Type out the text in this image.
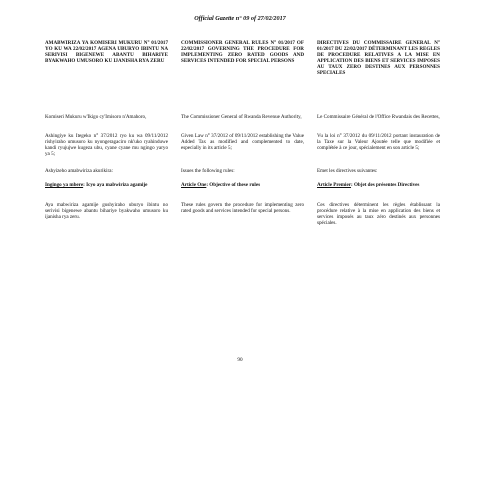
Official Gazette n° 09 of 27/02/2017
AMABWIRIZA YA KOMISERI MUKURU N° 01/2017 YO KU WA 22/02/2017 AGENA UBURYO IBINTU NA SERIVISI BIGENEWE ABANTU BIHARIYE BYAKWAHO UMUSORO KU IJANISHA RYA ZERU

Komiseri Mukuru w'Ikigo cy'Imisoro n'Amahoro,

Ashingiye ku Itegeko n° 37/2012 ryo ku wa 09/11/2012 rishyiraho umusoro ku nyongeragaciro nk'uko ryahinduwe kandi ryujujwe kugeza ubu, cyane cyane mu ngingo yaryo ya 5;

Ashyizeho amabwiriza akurikira:

Ingingo ya mbere: Icyo aya mabwiriza agamije

Aya mabwiriza agamije gushyiraho uburyo ibintu no serivisi bigenewe abantu bihariye byakwaho umusoro ku ijanisha rya zeru.

COMMISSIONER GENERAL RULES N° 01/2017 OF 22/02/2017 GOVERNING THE PROCEDURE FOR IMPLEMENTING ZERO RATED GOODS AND SERVICES INTENDED FOR SPECIAL PERSONS

The Commissioner General of Rwanda Revenue Authority,

Given Law n° 37/2012 of 09/11/2012 establishing the Value Added Tax as modified and complemented to date, especially in its article 5;

Issues the following rules:

Article One: Objective of these rules

These rules govern the procedure for implementing zero rated goods and services intended for special persons.

DIRECTIVES DU COMMISSAIRE GENERAL N° 01/2017 DU 22/02/2017 DÉTERMINANT LES REGLES DE PROCEDURE RELATIVES A LA MISE EN APPLICATION DES BIENS ET SERVICES IMPOSES AU TAUX ZERO DESTINES AUX PERSONNES SPECIALES

Le Commissaire Général de l'Office Rwandais des Recettes,

Vu la loi n° 37/2012 du 09/11/2012 portant instauration de la Taxe sur la Valeur Ajoutée telle que modifiée et complétée à ce jour, spécialement en son article 5;

Emet les directives suivantes:

Article Premier: Objet des présentes Directives

Ces directives déterminent les règles établissant la procédure relative à la mise en application des biens et services imposés au taux zéro destinés aux personnes spéciales.

90
